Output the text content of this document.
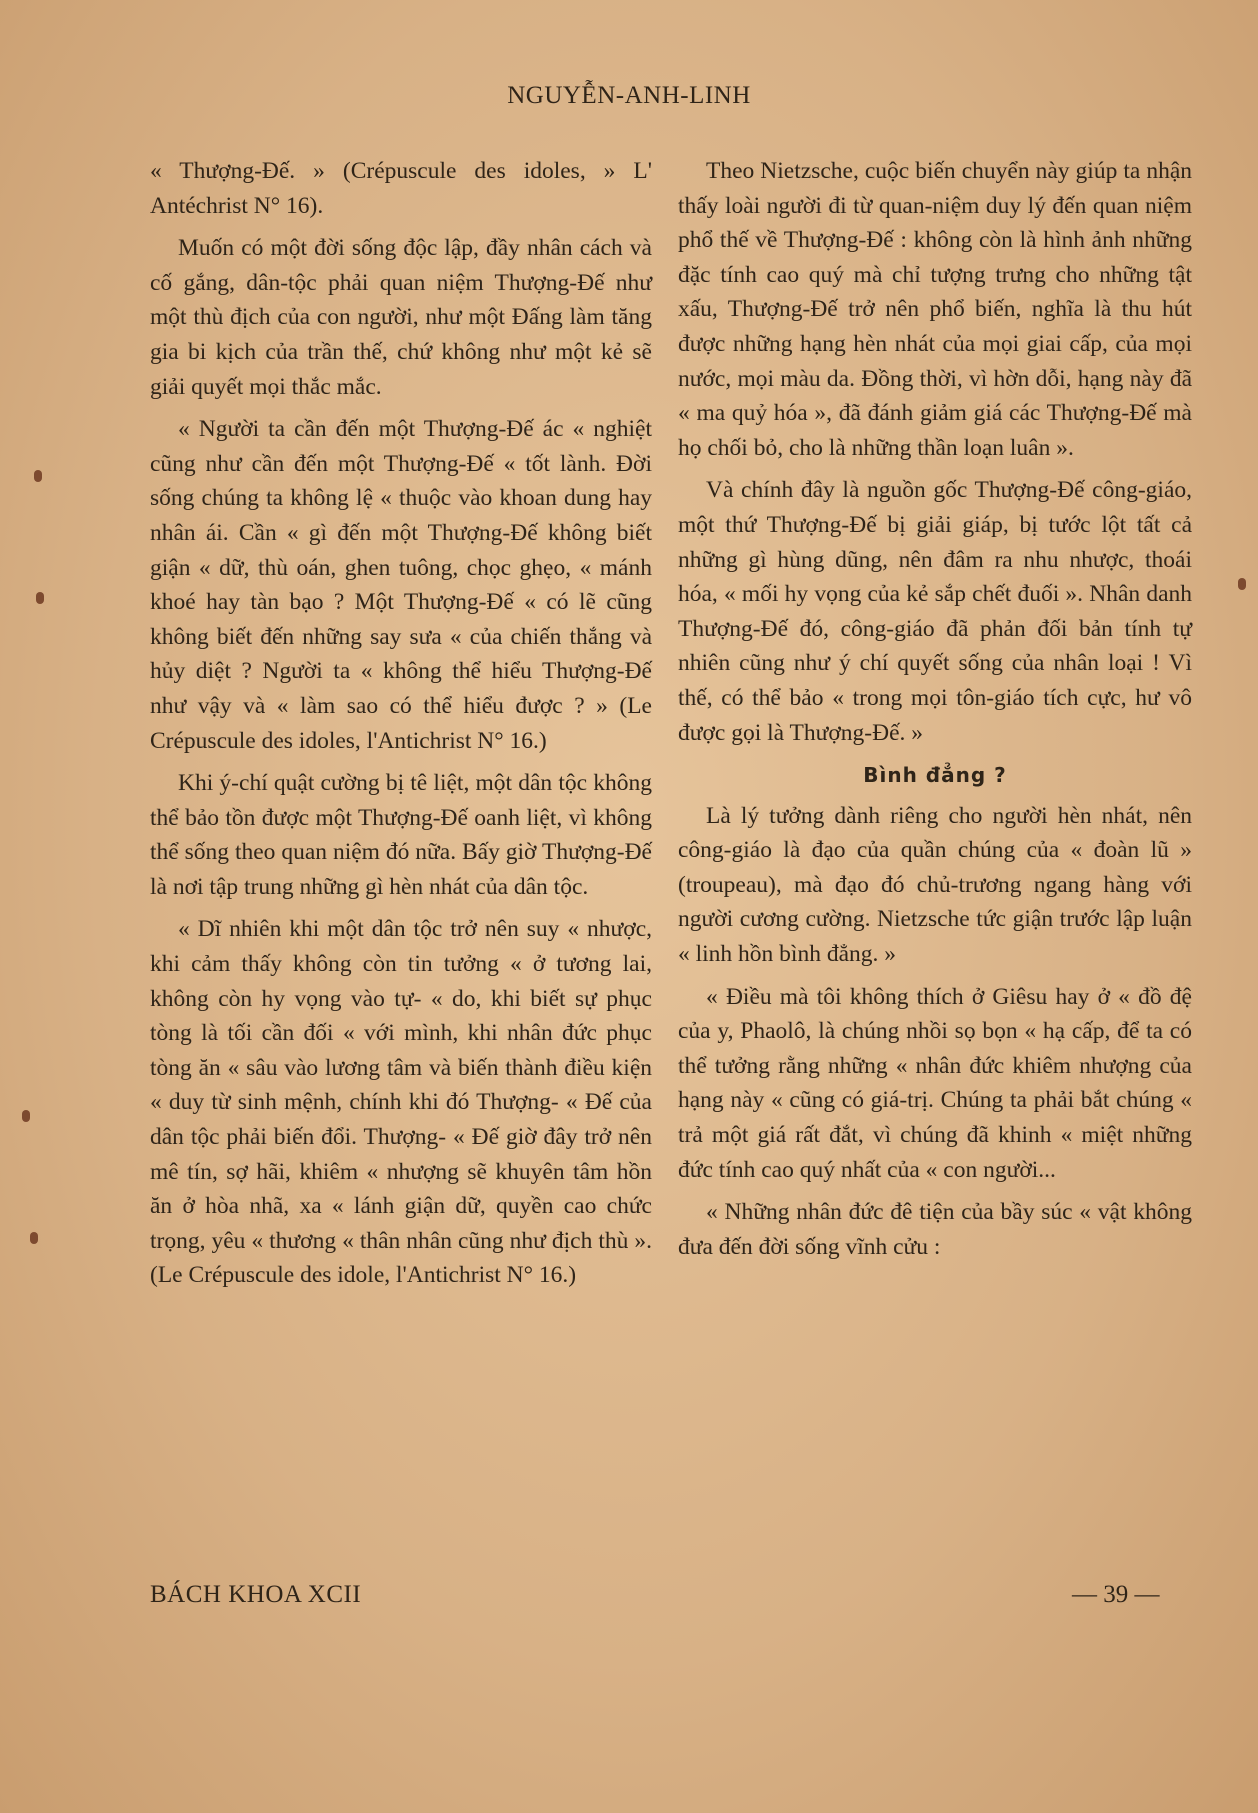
NGUYỄN-ANH-LINH

« Thượng-Đế. » (Crépuscule des idoles, » L' Antéchrist N° 16).

Muốn có một đời sống độc lập, đầy nhân cách và cố gắng, dân-tộc phải quan niệm Thượng-Đế như một thù địch của con người, như một Đấng làm tăng gia bi kịch của trần thế, chứ không như một kẻ sẽ giải quyết mọi thắc mắc.

« Người ta cần đến một Thượng-Đế ác « nghiệt cũng như cần đến một Thượng-Đế « tốt lành. Đời sống chúng ta không lệ « thuộc vào khoan dung hay nhân ái. Cần « gì đến một Thượng-Đế không biết giận « dữ, thù oán, ghen tuông, chọc ghẹo, « mánh khoé hay tàn bạo ? Một Thượng-Đế « có lẽ cũng không biết đến những say sưa « của chiến thắng và hủy diệt ? Người ta « không thể hiểu Thượng-Đế như vậy và « làm sao có thể hiểu được ? » (Le Crépuscule des idoles, l'Antichrist N° 16.)

Khi ý-chí quật cường bị tê liệt, một dân tộc không thể bảo tồn được một Thượng-Đế oanh liệt, vì không thể sống theo quan niệm đó nữa. Bấy giờ Thượng-Đế là nơi tập trung những gì hèn nhát của dân tộc.

« Dĩ nhiên khi một dân tộc trở nên suy « nhược, khi cảm thấy không còn tin tưởng « ở tương lai, không còn hy vọng vào tự- « do, khi biết sự phục tòng là tối cần đối « với mình, khi nhân đức phục tòng ăn « sâu vào lương tâm và biến thành điều kiện « duy từ sinh mệnh, chính khi đó Thượng- « Đế của dân tộc phải biến đổi. Thượng- « Đế giờ đây trở nên mê tín, sợ hãi, khiêm « nhượng sẽ khuyên tâm hồn ăn ở hòa nhã, xa « lánh giận dữ, quyền cao chức trọng, yêu « thương « thân nhân cũng như địch thù ». (Le Crépuscule des idole, l'Antichrist N° 16.)

Theo Nietzsche, cuộc biến chuyển này giúp ta nhận thấy loài người đi từ quan-niệm duy lý đến quan niệm phổ thế về Thượng-Đế : không còn là hình ảnh những đặc tính cao quý mà chỉ tượng trưng cho những tật xấu, Thượng-Đế trở nên phổ biến, nghĩa là thu hút được những hạng hèn nhát của mọi giai cấp, của mọi nước, mọi màu da. Đồng thời, vì hờn dỗi, hạng này đã « ma quỷ hóa », đã đánh giảm giá các Thượng-Đế mà họ chối bỏ, cho là những thần loạn luân ».

Và chính đây là nguồn gốc Thượng-Đế công-giáo, một thứ Thượng-Đế bị giải giáp, bị tước lột tất cả những gì hùng dũng, nên đâm ra nhu nhược, thoái hóa, « mối hy vọng của kẻ sắp chết đuối ». Nhân danh Thượng-Đế đó, công-giáo đã phản đối bản tính tự nhiên cũng như ý chí quyết sống của nhân loại ! Vì thế, có thể bảo « trong mọi tôn-giáo tích cực, hư vô được gọi là Thượng-Đế. »

Bình đẳng ?

Là lý tưởng dành riêng cho người hèn nhát, nên công-giáo là đạo của quần chúng của « đoàn lũ » (troupeau), mà đạo đó chủ-trương ngang hàng với người cương cường. Nietzsche tức giận trước lập luận « linh hồn bình đẳng. »

« Điều mà tôi không thích ở Giêsu hay ở « đồ đệ của y, Phaolô, là chúng nhồi sọ bọn « hạ cấp, để ta có thể tưởng rằng những « nhân đức khiêm nhượng của hạng này « cũng có giá-trị. Chúng ta phải bắt chúng « trả một giá rất đắt, vì chúng đã khinh « miệt những đức tính cao quý nhất của « con người...

« Những nhân đức đê tiện của bầy súc « vật không đưa đến đời sống vĩnh cửu :

BÁCH KHOA XCII	— 39 —
